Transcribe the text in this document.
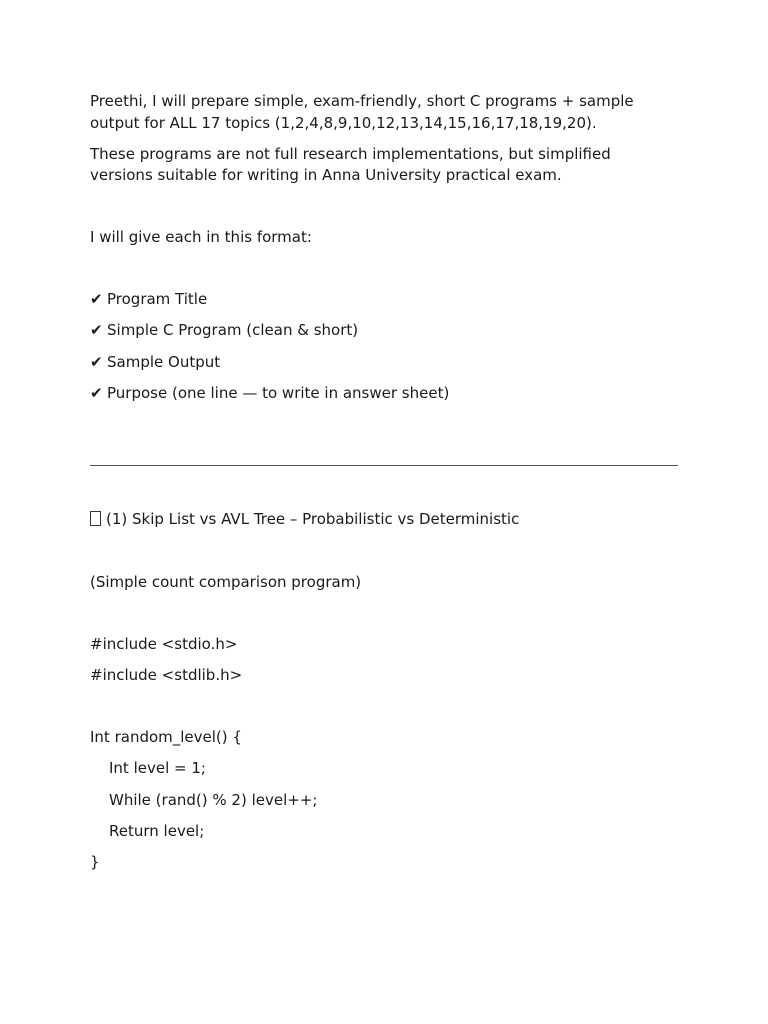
Preethi, I will prepare simple, exam-friendly, short C programs + sample

output for ALL 17 topics (1,2,4,8,9,10,12,13,14,15,16,17,18,19,20).

These programs are not full research implementations, but simplified

versions suitable for writing in Anna University practical exam.

I will give each in this format:

✔ Program Title

✔ Simple C Program (clean & short)

✔ Sample Output

✔ Purpose (one line — to write in answer sheet)

(1) Skip List vs AVL Tree – Probabilistic vs Deterministic

(Simple count comparison program)

#include <stdio.h>

#include <stdlib.h>

Int random_level() {

Int level = 1;

While (rand() % 2) level++;

Return level;

}
